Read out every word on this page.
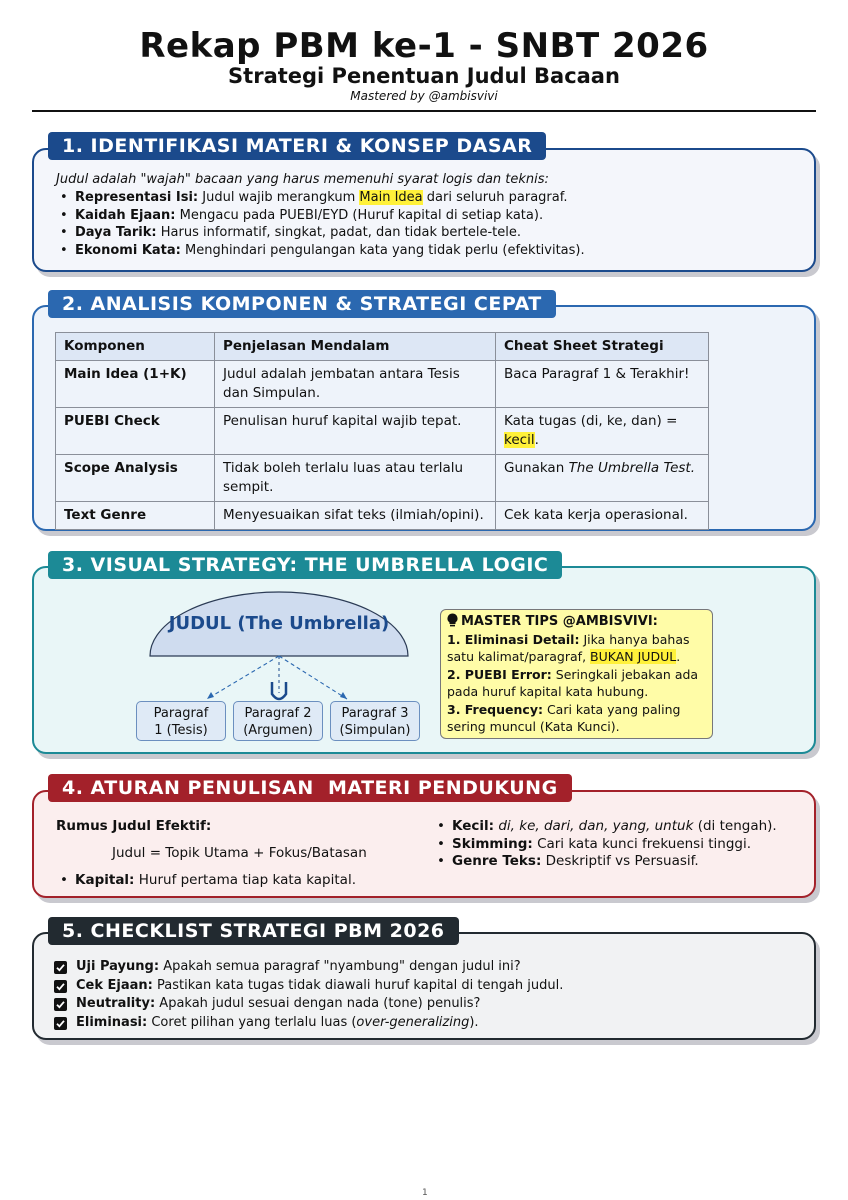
Rekap PBM ke-1 - SNBT 2026
Strategi Penentuan Judul Bacaan
Mastered by @ambisvivi
1. IDENTIFIKASI MATERI & KONSEP DASAR
Judul adalah "wajah" bacaan yang harus memenuhi syarat logis dan teknis:
• Representasi Isi: Judul wajib merangkum Main Idea dari seluruh paragraf.
• Kaidah Ejaan: Mengacu pada PUEBI/EYD (Huruf kapital di setiap kata).
• Daya Tarik: Harus informatif, singkat, padat, dan tidak bertele-tele.
• Ekonomi Kata: Menghindari pengulangan kata yang tidak perlu (efektivitas).
2. ANALISIS KOMPONEN & STRATEGI CEPAT
Komponen	Penjelasan Mendalam	Cheat Sheet Strategi
Main Idea (1+K)	Judul adalah jembatan antara Tesis dan Simpulan.	Baca Paragraf 1 & Terakhir!
PUEBI Check	Penulisan huruf kapital wajib tepat.	Kata tugas (di, ke, dan) = kecil.
Scope Analysis	Tidak boleh terlalu luas atau terlalu sempit.	Gunakan The Umbrella Test.
Text Genre	Menyesuaikan sifat teks (ilmiah/opini).	Cek kata kerja operasional.
3. VISUAL STRATEGY: THE UMBRELLA LOGIC
JUDUL (The Umbrella)
Paragraf
1 (Tesis)
Paragraf 2
(Argumen)
Paragraf 3
(Simpulan)
MASTER TIPS @AMBISVIVI:
1. Eliminasi Detail: Jika hanya bahas satu kalimat/paragraf, BUKAN JUDUL.
2. PUEBI Error: Seringkali jebakan ada pada huruf kapital kata hubung.
3. Frequency: Cari kata yang paling sering muncul (Kata Kunci).
4. ATURAN PENULISAN  MATERI PENDUKUNG
Rumus Judul Efektif:
Judul = Topik Utama + Fokus/Batasan
• Kapital: Huruf pertama tiap kata kapital.
• Kecil: di, ke, dari, dan, yang, untuk (di tengah).
• Skimming: Cari kata kunci frekuensi tinggi.
• Genre Teks: Deskriptif vs Persuasif.
5. CHECKLIST STRATEGI PBM 2026
Uji Payung: Apakah semua paragraf "nyambung" dengan judul ini?
Cek Ejaan: Pastikan kata tugas tidak diawali huruf kapital di tengah judul.
Neutrality: Apakah judul sesuai dengan nada (tone) penulis?
Eliminasi: Coret pilihan yang terlalu luas (over-generalizing).
1
